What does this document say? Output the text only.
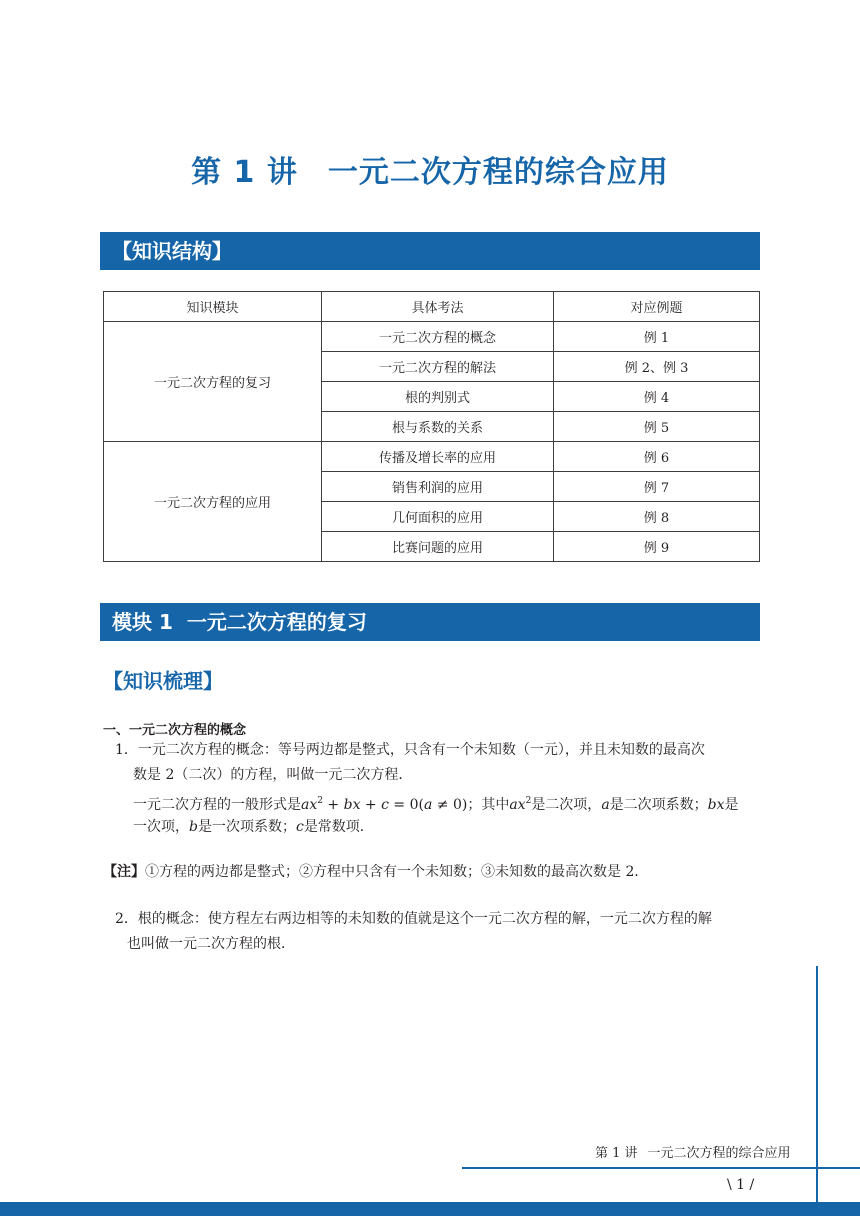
第 1 讲 一元二次方程的综合应用
【知识结构】
知识模块	具体考法	对应例题
一元二次方程的复习	一元二次方程的概念	例 1
	一元二次方程的解法	例 2、例 3
	根的判别式	例 4
	根与系数的关系	例 5
一元二次方程的应用	传播及增长率的应用	例 6
	销售利润的应用	例 7
	几何面积的应用	例 8
	比赛问题的应用	例 9
模块 1 一元二次方程的复习
【知识梳理】
一、一元二次方程的概念
1．一元二次方程的概念：等号两边都是整式，只含有一个未知数（一元），并且未知数的最高次
数是 2（二次）的方程，叫做一元二次方程．
一元二次方程的一般形式是$ax^2$ + bx + c = 0(a ≠ 0)；其中$ax^2$是二次项，a是二次项系数；bx是
一次项，b是一次项系数；c是常数项．
【注】①方程的两边都是整式；②方程中只含有一个未知数；③未知数的最高次数是 2．
2．根的概念：使方程左右两边相等的未知数的值就是这个一元二次方程的解，一元二次方程的解
也叫做一元二次方程的根．
第 1 讲 一元二次方程的综合应用
\ 1 /
